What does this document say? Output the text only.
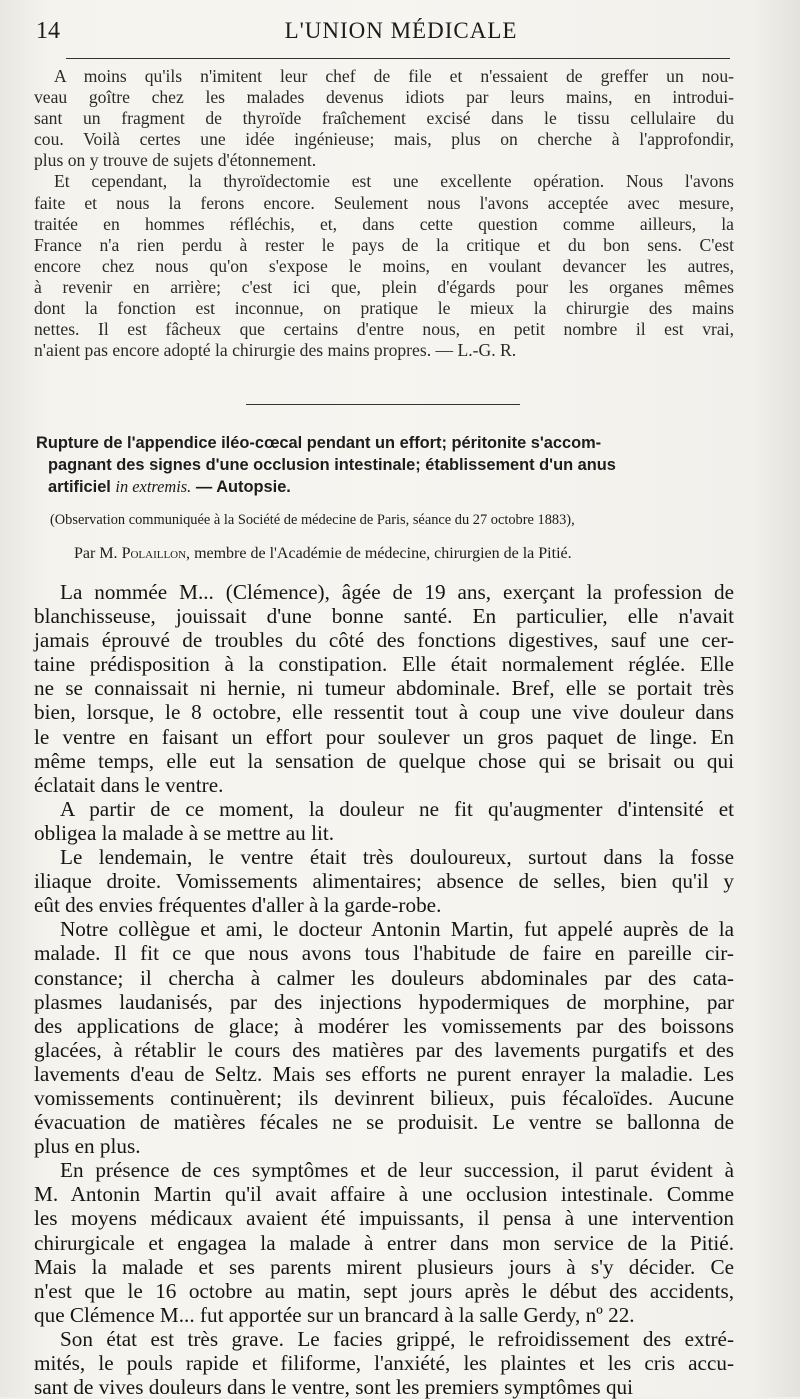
14	L'UNION MÉDICALE
A moins qu'ils n'imitent leur chef de file et n'essaient de greffer un nou-
veau goître chez les malades devenus idiots par leurs mains, en introdui-
sant un fragment de thyroïde fraîchement excisé dans le tissu cellulaire du
cou. Voilà certes une idée ingénieuse; mais, plus on cherche à l'approfondir,
plus on y trouve de sujets d'étonnement.
Et cependant, la thyroïdectomie est une excellente opération. Nous l'avons
faite et nous la ferons encore. Seulement nous l'avons acceptée avec mesure,
traitée en hommes réfléchis, et, dans cette question comme ailleurs, la
France n'a rien perdu à rester le pays de la critique et du bon sens. C'est
encore chez nous qu'on s'expose le moins, en voulant devancer les autres,
à revenir en arrière; c'est ici que, plein d'égards pour les organes mêmes
dont la fonction est inconnue, on pratique le mieux la chirurgie des mains
nettes. Il est fâcheux que certains d'entre nous, en petit nombre il est vrai,
n'aient pas encore adopté la chirurgie des mains propres. — L.-G. R.
Rupture de l'appendice iléo-cœcal pendant un effort; péritonite s'accom-
pagnant des signes d'une occlusion intestinale; établissement d'un anus
artificiel in extremis. — Autopsie.
(Observation communiquée à la Société de médecine de Paris, séance du 27 octobre 1883),
Par M. Polaillon, membre de l'Académie de médecine, chirurgien de la Pitié.
La nommée M... (Clémence), âgée de 19 ans, exerçant la profession de
blanchisseuse, jouissait d'une bonne santé. En particulier, elle n'avait
jamais éprouvé de troubles du côté des fonctions digestives, sauf une cer-
taine prédisposition à la constipation. Elle était normalement réglée. Elle
ne se connaissait ni hernie, ni tumeur abdominale. Bref, elle se portait très
bien, lorsque, le 8 octobre, elle ressentit tout à coup une vive douleur dans
le ventre en faisant un effort pour soulever un gros paquet de linge. En
même temps, elle eut la sensation de quelque chose qui se brisait ou qui
éclatait dans le ventre.
A partir de ce moment, la douleur ne fit qu'augmenter d'intensité et
obligea la malade à se mettre au lit.
Le lendemain, le ventre était très douloureux, surtout dans la fosse
iliaque droite. Vomissements alimentaires; absence de selles, bien qu'il y
eût des envies fréquentes d'aller à la garde-robe.
Notre collègue et ami, le docteur Antonin Martin, fut appelé auprès de la
malade. Il fit ce que nous avons tous l'habitude de faire en pareille cir-
constance; il chercha à calmer les douleurs abdominales par des cata-
plasmes laudanisés, par des injections hypodermiques de morphine, par
des applications de glace; à modérer les vomissements par des boissons
glacées, à rétablir le cours des matières par des lavements purgatifs et des
lavements d'eau de Seltz. Mais ses efforts ne purent enrayer la maladie. Les
vomissements continuèrent; ils devinrent bilieux, puis fécaloïdes. Aucune
évacuation de matières fécales ne se produisit. Le ventre se ballonna de
plus en plus.
En présence de ces symptômes et de leur succession, il parut évident à
M. Antonin Martin qu'il avait affaire à une occlusion intestinale. Comme
les moyens médicaux avaient été impuissants, il pensa à une intervention
chirurgicale et engagea la malade à entrer dans mon service de la Pitié.
Mais la malade et ses parents mirent plusieurs jours à s'y décider. Ce
n'est que le 16 octobre au matin, sept jours après le début des accidents,
que Clémence M... fut apportée sur un brancard à la salle Gerdy, nº 22.
Son état est très grave. Le facies grippé, le refroidissement des extré-
mités, le pouls rapide et filiforme, l'anxiété, les plaintes et les cris accu-
sant de vives douleurs dans le ventre, sont les premiers symptômes qui
